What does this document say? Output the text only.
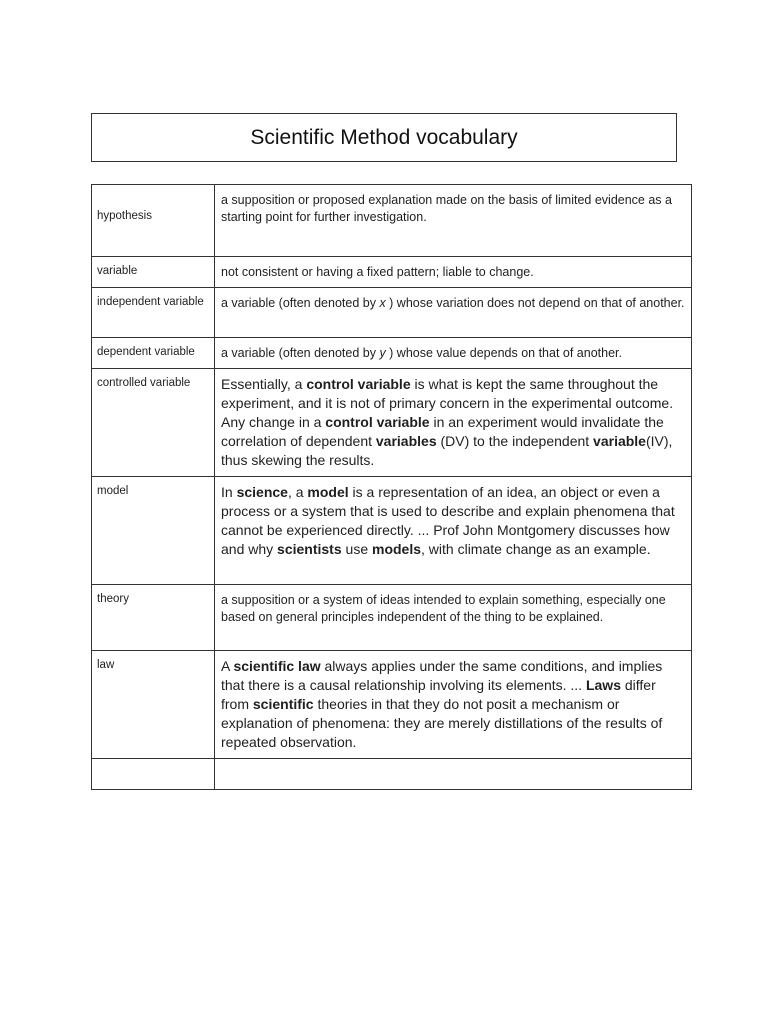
Scientific Method vocabulary
hypothesis	a supposition or proposed explanation made on the basis of limited evidence as a starting point for further investigation.
variable	not consistent or having a fixed pattern; liable to change.
independent variable	a variable (often denoted by x ) whose variation does not depend on that of another.
dependent variable	a variable (often denoted by y ) whose value depends on that of another.
controlled variable	Essentially, a control variable is what is kept the same throughout the experiment, and it is not of primary concern in the experimental outcome. Any change in a control variable in an experiment would invalidate the correlation of dependent variables (DV) to the independent variable(IV), thus skewing the results.
model	In science, a model is a representation of an idea, an object or even a process or a system that is used to describe and explain phenomena that cannot be experienced directly. ... Prof John Montgomery discusses how and why scientists use models, with climate change as an example.
theory	a supposition or a system of ideas intended to explain something, especially one based on general principles independent of the thing to be explained.
law	A scientific law always applies under the same conditions, and implies that there is a causal relationship involving its elements. ... Laws differ from scientific theories in that they do not posit a mechanism or explanation of phenomena: they are merely distillations of the results of repeated observation.
